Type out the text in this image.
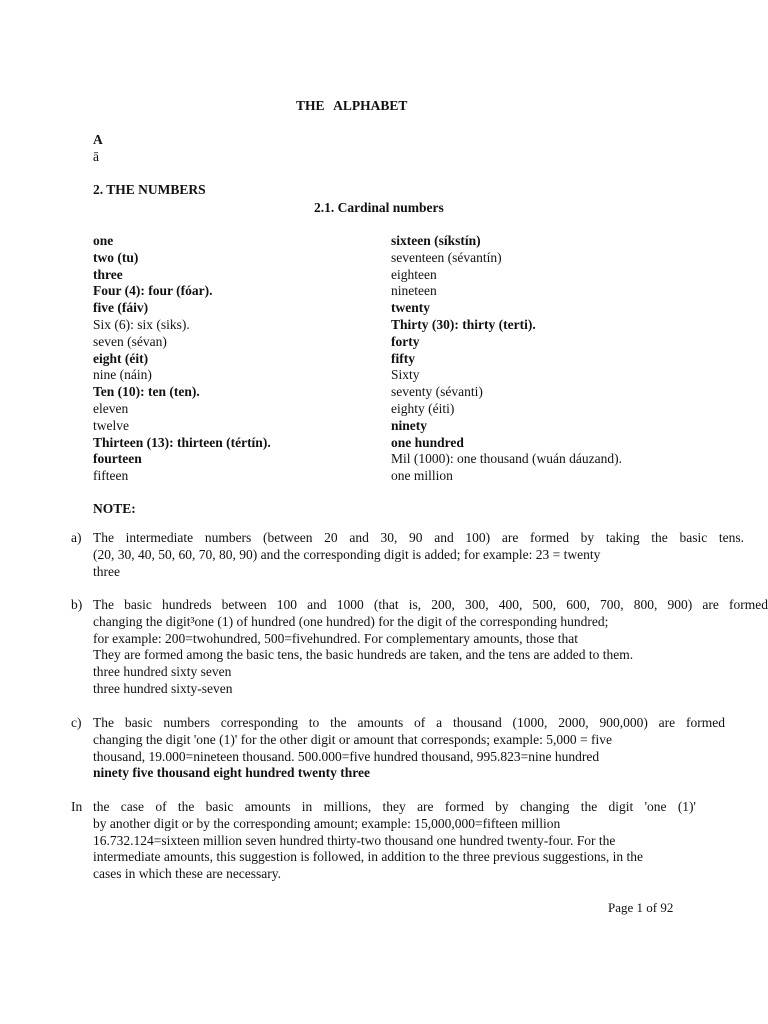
THE ALPHABET
A
ā
2. THE NUMBERS
2.1. Cardinal numbers
one
two (tu)
three
Four (4): four (fóar).
five (fáiv)
Six (6): six (siks).
seven (sévan)
eight (éit)
nine (náin)
Ten (10): ten (ten).
eleven
twelve
Thirteen (13): thirteen (tértín).
fourteen
fifteen
sixteen (síkstín)
seventeen (sévantín)
eighteen
nineteen
twenty
Thirty (30): thirty (terti).
forty
fifty
Sixty
seventy (sévanti)
eighty (éiti)
ninety
one hundred
Mil (1000): one thousand (wuán dáuzand).
one million
NOTE:
a) The intermediate numbers (between 20 and 30, 90 and 100) are formed by taking the basic tens.
(20, 30, 40, 50, 60, 70, 80, 90) and the corresponding digit is added; for example: 23 = twenty
three
b) The basic hundreds between 100 and 1000 (that is, 200, 300, 400, 500, 600, 700, 800, 900) are formed
changing the digit³one (1) of hundred (one hundred) for the digit of the corresponding hundred;
for example: 200=twohundred, 500=fivehundred. For complementary amounts, those that
They are formed among the basic tens, the basic hundreds are taken, and the tens are added to them.
three hundred sixty seven
three hundred sixty-seven
c) The basic numbers corresponding to the amounts of a thousand (1000, 2000, 900,000) are formed
changing the digit 'one (1)' for the other digit or amount that corresponds; example: 5,000 = five
thousand, 19.000=nineteen thousand. 500.000=five hundred thousand, 995.823=nine hundred
ninety five thousand eight hundred twenty three
In the case of the basic amounts in millions, they are formed by changing the digit 'one (1)'
by another digit or by the corresponding amount; example: 15,000,000=fifteen million
16.732.124=sixteen million seven hundred thirty-two thousand one hundred twenty-four. For the
intermediate amounts, this suggestion is followed, in addition to the three previous suggestions, in the
cases in which these are necessary.
Page 1 of 92
